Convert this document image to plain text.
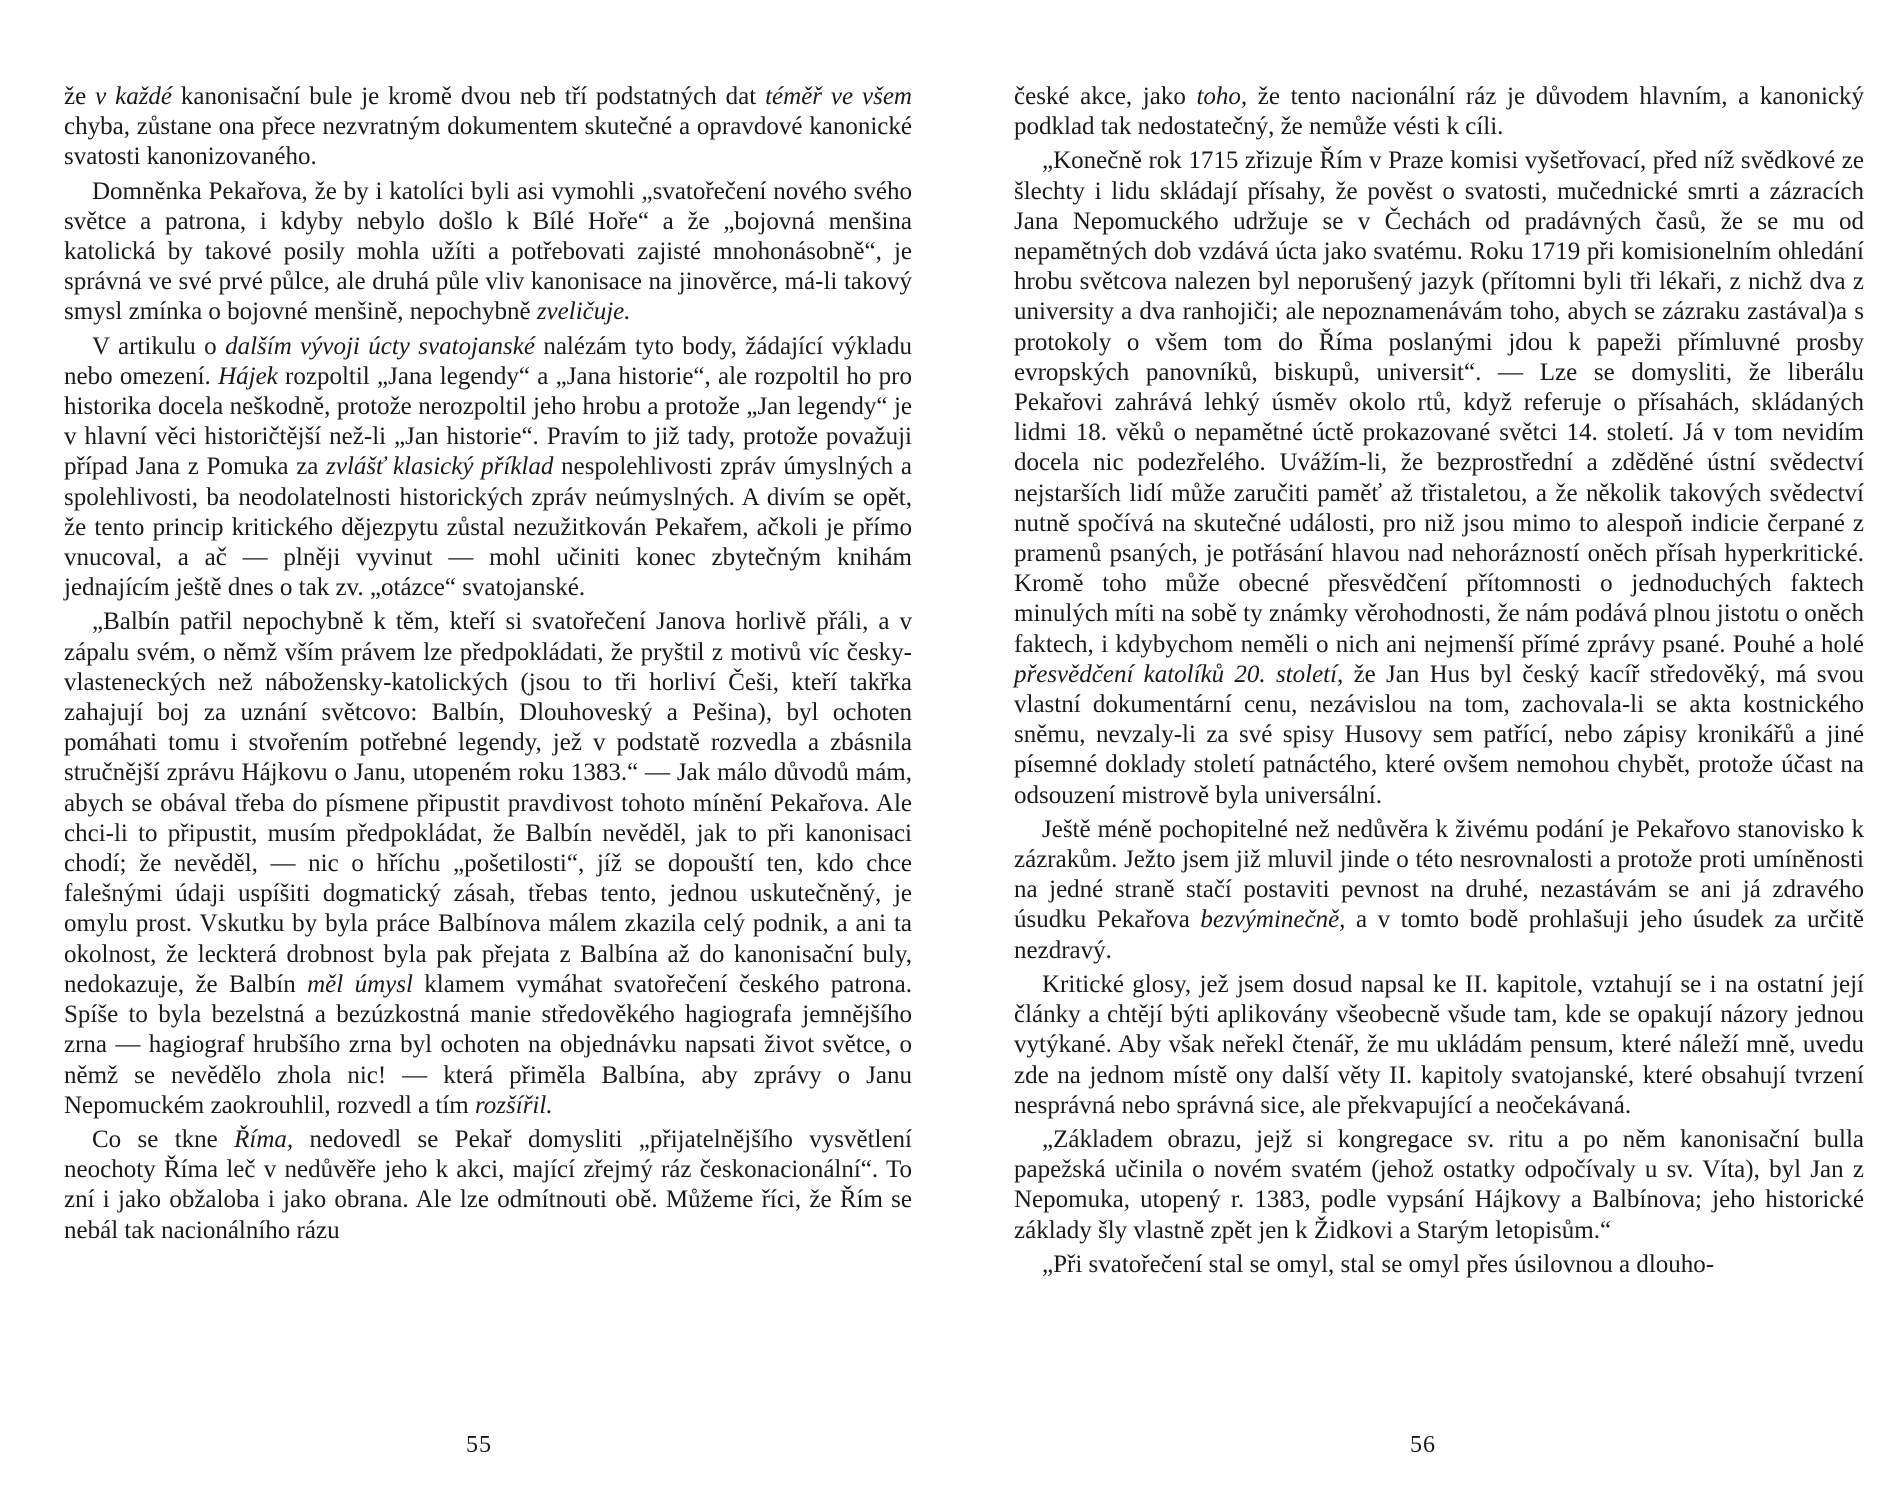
že v každé kanonisační bule je kromě dvou neb tří podstatných dat téměř ve všem chyba, zůstane ona přece nezvratným dokumentem skutečné a opravdové kanonické svatosti kanonizovaného.

Domněnka Pekařova, že by i katolíci byli asi vymohli „svatořečení nového svého světce a patrona, i kdyby nebylo došlo k Bílé Hoře“ a že „bojovná menšina katolická by takové posily mohla užíti a potřebovati zajisté mnohonásobně“, je správná ve své prvé půlce, ale druhá půle vliv kanonisace na jinověrce, má-li takový smysl zmínka o bojovné menšině, nepochybně zveličuje.

V artikulu o dalším vývoji úcty svatojanské nalézám tyto body, žádající výkladu nebo omezení. Hájek rozpoltil „Jana legendy“ a „Jana historie“, ale rozpoltil ho pro historika docela neškodně, protože nerozpoltil jeho hrobu a protože „Jan legendy“ je v hlavní věci historičtější než-li „Jan historie“. Pravím to již tady, protože považuji případ Jana z Pomuka za zvlášť klasický příklad nespolehlivosti zpráv úmyslných a spolehlivosti, ba neodolatelnosti historických zpráv neúmyslných. A divím se opět, že tento princip kritického dějezpytu zůstal nezužitkován Pekařem, ačkoli je přímo vnucoval, a ač — plněji vyvinut — mohl učiniti konec zbytečným knihám jednajícím ještě dnes o tak zv. „otázce“ svatojanské.

„Balbín patřil nepochybně k těm, kteří si svatořečení Janova horlivě přáli, a v zápalu svém, o němž vším právem lze předpokládati, že pryštil z motivů víc česky-vlasteneckých než nábožensky-katolických (jsou to tři horliví Češi, kteří takřka zahajují boj za uznání světcovo: Balbín, Dlouhoveský a Pešina), byl ochoten pomáhati tomu i stvořením potřebné legendy, jež v podstatě rozvedla a zbásnila stručnější zprávu Hájkovu o Janu, utopeném roku 1383.“ — Jak málo důvodů mám, abych se obával třeba do písmene připustit pravdivost tohoto mínění Pekařova. Ale chci-li to připustit, musím předpokládat, že Balbín nevěděl, jak to při kanonisaci chodí; že nevěděl, — nic o hříchu „pošetilosti“, jíž se dopouští ten, kdo chce falešnými údaji uspíšiti dogmatický zásah, třebas tento, jednou uskutečněný, je omylu prost. Vskutku by byla práce Balbínova málem zkazila celý podnik, a ani ta okolnost, že leckterá drobnost byla pak přejata z Balbína až do kanonisační buly, nedokazuje, že Balbín měl úmysl klamem vymáhat svatořečení českého patrona. Spíše to byla bezelstná a bezúzkostná manie středověkého hagiografa jemnějšího zrna — hagiograf hrubšího zrna byl ochoten na objednávku napsati život světce, o němž se nevědělo zhola nic! — která přiměla Balbína, aby zprávy o Janu Nepomuckém zaokrouhlil, rozvedl a tím rozšířil.

Co se tkne Říma, nedovedl se Pekař domysliti „přijatelnějšího vysvětlení neochoty Říma leč v nedůvěře jeho k akci, mající zřejmý ráz českonacionální“. To zní i jako obžaloba i jako obrana. Ale lze odmítnouti obě. Můžeme říci, že Řím se nebál tak nacionálního rázu

55

české akce, jako toho, že tento nacionální ráz je důvodem hlavním, a kanonický podklad tak nedostatečný, že nemůže vésti k cíli.

„Konečně rok 1715 zřizuje Řím v Praze komisi vyšetřovací, před níž svědkové ze šlechty i lidu skládají přísahy, že pověst o svatosti, mučednické smrti a zázracích Jana Nepomuckého udržuje se v Čechách od pradávných časů, že se mu od nepamětných dob vzdává úcta jako svatému. Roku 1719 při komisionelním ohledání hrobu světcova nalezen byl neporušený jazyk (přítomni byli tři lékaři, z nichž dva z university a dva ranhojiči; ale nepoznamenávám toho, abych se zázraku zastával)a s protokoly o všem tom do Říma poslanými jdou k papeži přímluvné prosby evropských panovníků, biskupů, universit“. — Lze se domysliti, že liberálu Pekařovi zahrává lehký úsměv okolo rtů, když referuje o přísahách, skládaných lidmi 18. věků o nepamětné úctě prokazované světci 14. století. Já v tom nevidím docela nic podezřelého. Uvážím-li, že bezprostřední a zděděné ústní svědectví nejstarších lidí může zaručiti paměť až třistaletou, a že několik takových svědectví nutně spočívá na skutečné události, pro niž jsou mimo to alespoň indicie čerpané z pramenů psaných, je potřásání hlavou nad nehorázností oněch přísah hyperkritické. Kromě toho může obecné přesvědčení přítomnosti o jednoduchých faktech minulých míti na sobě ty známky věrohodnosti, že nám podává plnou jistotu o oněch faktech, i kdybychom neměli o nich ani nejmenší přímé zprávy psané. Pouhé a holé přesvědčení katolíků 20. století, že Jan Hus byl český kacíř středověký, má svou vlastní dokumentární cenu, nezávislou na tom, zachovala-li se akta kostnického sněmu, nevzaly-li za své spisy Husovy sem patřící, nebo zápisy kronikářů a jiné písemné doklady století patnáctého, které ovšem nemohou chybět, protože účast na odsouzení mistrově byla universální.

Ještě méně pochopitelné než nedůvěra k živému podání je Pekařovo stanovisko k zázrakům. Ježto jsem již mluvil jinde o této nesrovnalosti a protože proti umíněnosti na jedné straně stačí postaviti pevnost na druhé, nezastávám se ani já zdravého úsudku Pekařova bezvýminečně, a v tomto bodě prohlašuji jeho úsudek za určitě nezdravý.

Kritické glosy, jež jsem dosud napsal ke II. kapitole, vztahují se i na ostatní její články a chtějí býti aplikovány všeobecně všude tam, kde se opakují názory jednou vytýkané. Aby však neřekl čtenář, že mu ukládám pensum, které náleží mně, uvedu zde na jednom místě ony další věty II. kapitoly svatojanské, které obsahují tvrzení nesprávná nebo správná sice, ale překvapující a neočekávaná.

„Základem obrazu, jejž si kongregace sv. ritu a po něm kanonisační bulla papežská učinila o novém svatém (jehož ostatky odpočívaly u sv. Víta), byl Jan z Nepomuka, utopený r. 1383, podle vypsání Hájkovy a Balbínova; jeho historické základy šly vlastně zpět jen k Židkovi a Starým letopisům.“

„Při svatořečení stal se omyl, stal se omyl přes úsilovnou a dlouho-

56
